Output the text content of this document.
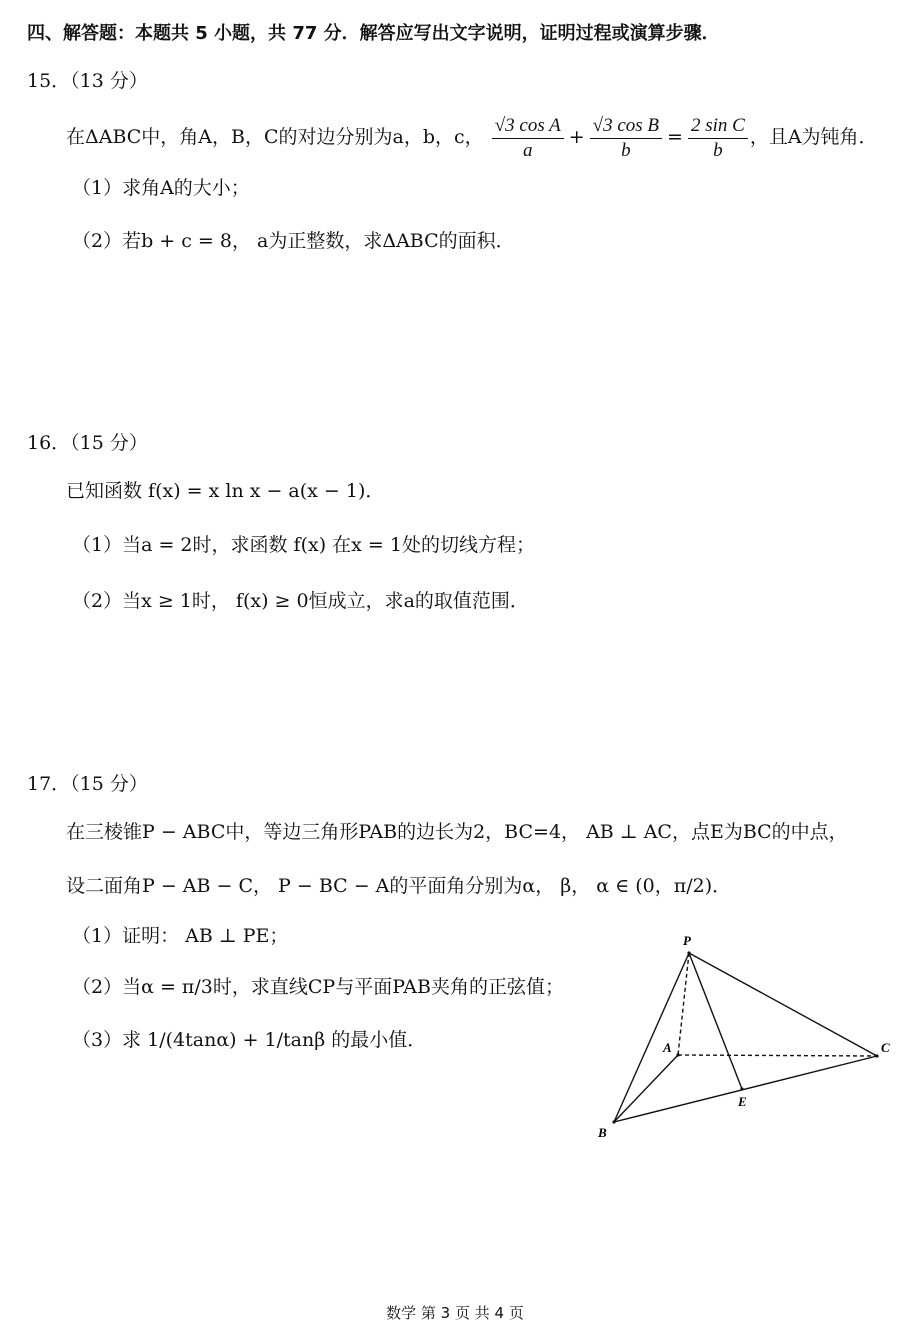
四、解答题：本题共 5 小题，共 77 分．解答应写出文字说明，证明过程或演算步骤．
15．（13 分）
在ΔABC中，角A，B，C的对边分别为a，b，c， $\frac{\text{√3 cos A}}{a} + \frac{\text{√3 cos B}}{b} = \frac{\text{2 sin C}}{b}$ ，且A为钝角．
（1）求角A的大小；
（2）若b + c = 8， a为正整数，求ΔABC的面积．
16．（15 分）
已知函数 f(x) = x ln x − a(x − 1)．
（1）当a = 2时，求函数 f(x) 在x = 1处的切线方程；
（2）当x ≥ 1时， f(x) ≥ 0恒成立，求a的取值范围．
17．（15 分）
在三棱锥P − ABC中，等边三角形PAB的边长为2，BC=4， AB ⊥ AC，点E为BC的中点，
设二面角P − AB − C， P − BC − A的平面角分别为α， β， α ∈ (0，π/2)．
（1）证明： AB ⊥ PE；
（2）当α = π/3时，求直线CP与平面PAB夹角的正弦值；
（3）求 1/(4tanα) + 1/tanβ 的最小值．
P
A
B
C
E
数学 第 3 页 共 4 页
